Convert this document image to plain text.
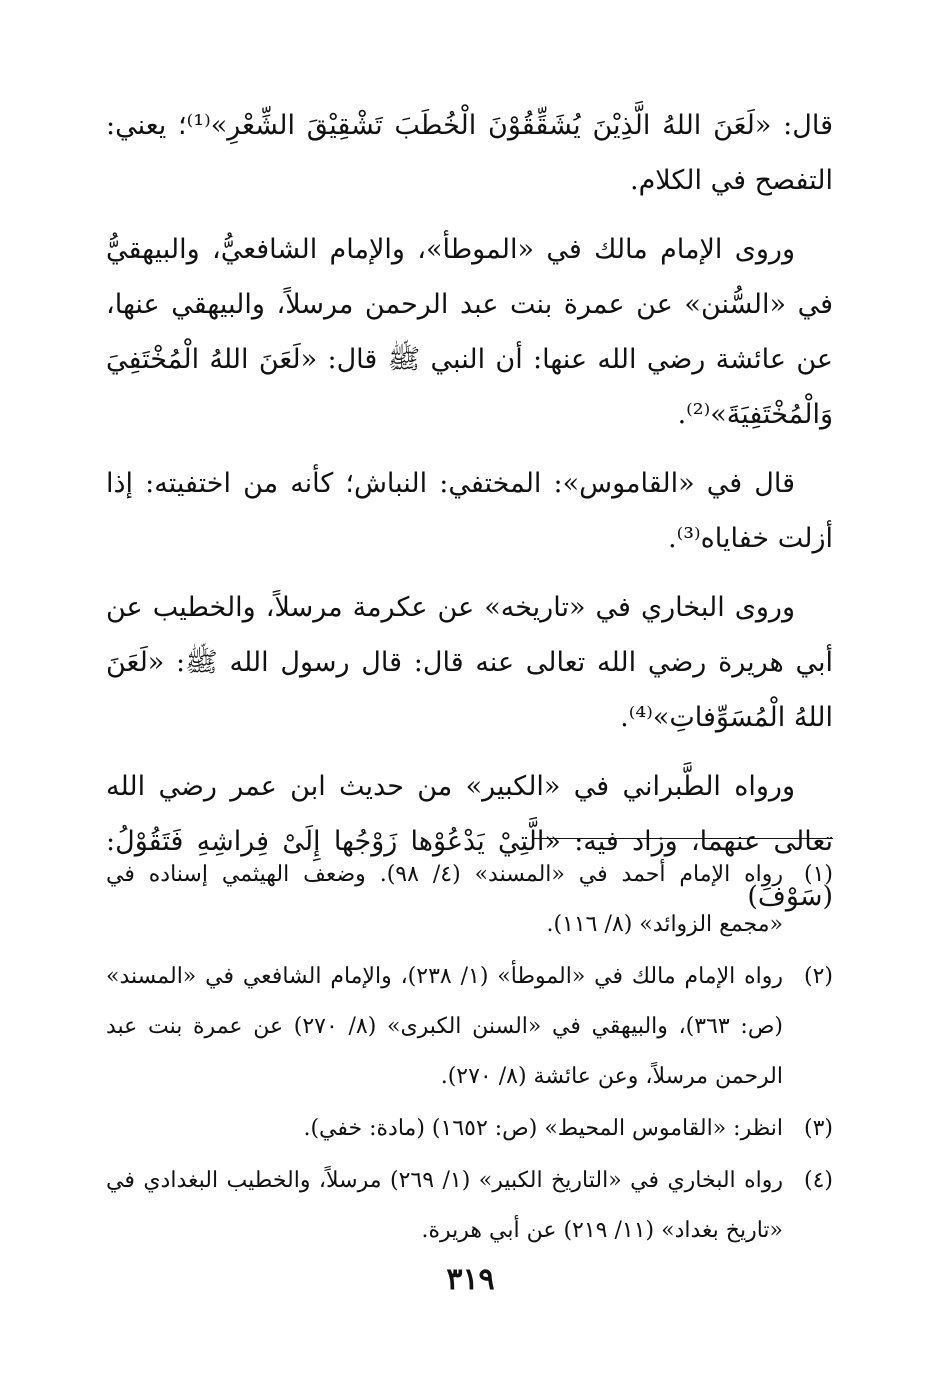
قال: «لَعَنَ اللهُ الَّذِيْنَ يُشَقِّقُوْنَ الْخُطَبَ تَشْقِيْقَ الشِّعْرِ»⁽¹⁾؛ يعني: التفصح في الكلام.

وروى الإمام مالك في «الموطأ»، والإمام الشافعيُّ، والبيهقيُّ في «السُّنن» عن عمرة بنت عبد الرحمن مرسلاً، والبيهقي عنها، عن عائشة رضي الله عنها: أن النبي ﷺ قال: «لَعَنَ اللهُ الْمُخْتَفِيَ وَالْمُخْتَفِيَةَ»⁽²⁾.

قال في «القاموس»: المختفي: النباش؛ كأنه من اختفيته: إذا أزلت خفاياه⁽³⁾.

وروى البخاري في «تاريخه» عن عكرمة مرسلاً، والخطيب عن أبي هريرة رضي الله تعالى عنه قال: قال رسول الله ﷺ: «لَعَنَ اللهُ الْمُسَوِّفاتِ»⁽⁴⁾.

ورواه الطَّبراني في «الكبير» من حديث ابن عمر رضي الله تعالى عنهما، وزاد فيه: «الَّتِيْ يَدْعُوْها زَوْجُها إِلَىْ فِراشِهِ فَتَقُوْلُ: (سَوْفَ)

(١)
رواه الإمام أحمد في «المسند» (٤/ ٩٨). وضعف الهيثمي إسناده في «مجمع الزوائد» (٨/ ١١٦).
(٢)
رواه الإمام مالك في «الموطأ» (١/ ٢٣٨)، والإمام الشافعي في «المسند» (ص: ٣٦٣)، والبيهقي في «السنن الكبرى» (٨/ ٢٧٠) عن عمرة بنت عبد الرحمن مرسلاً، وعن عائشة (٨/ ٢٧٠).
(٣)
انظر: «القاموس المحيط» (ص: ١٦٥٢) (مادة: خفي).
(٤)
رواه البخاري في «التاريخ الكبير» (١/ ٢٦٩) مرسلاً، والخطيب البغدادي في «تاريخ بغداد» (١١/ ٢١٩) عن أبي هريرة.
٣١٩
